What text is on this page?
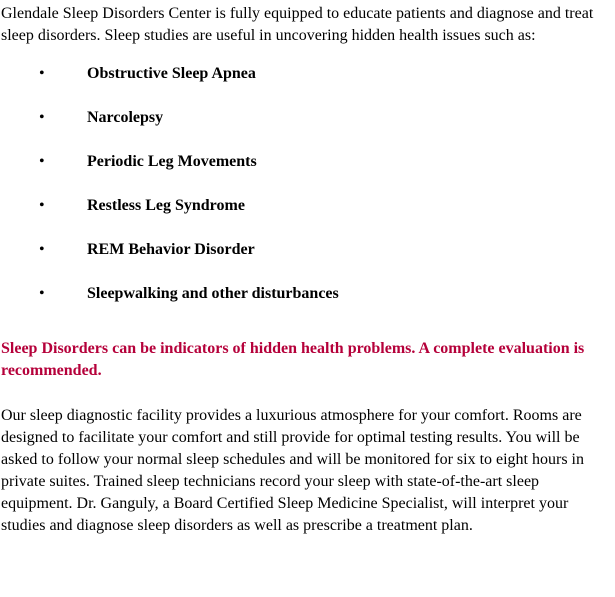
Glendale Sleep Disorders Center is fully equipped to educate patients and diagnose and treat sleep disorders. Sleep studies are useful in uncovering hidden health issues such as:

•	Obstructive Sleep Apnea
•	Narcolepsy
•	Periodic Leg Movements
•	Restless Leg Syndrome
•	REM Behavior Disorder
•	Sleepwalking and other disturbances

Sleep Disorders can be indicators of hidden health problems. A complete evaluation is recommended.

Our sleep diagnostic facility provides a luxurious atmosphere for your comfort. Rooms are designed to facilitate your comfort and still provide for optimal testing results. You will be asked to follow your normal sleep schedules and will be monitored for six to eight hours in private suites. Trained sleep technicians record your sleep with state-of-the-art sleep equipment. Dr. Ganguly, a Board Certified Sleep Medicine Specialist, will interpret your studies and diagnose sleep disorders as well as prescribe a treatment plan.
